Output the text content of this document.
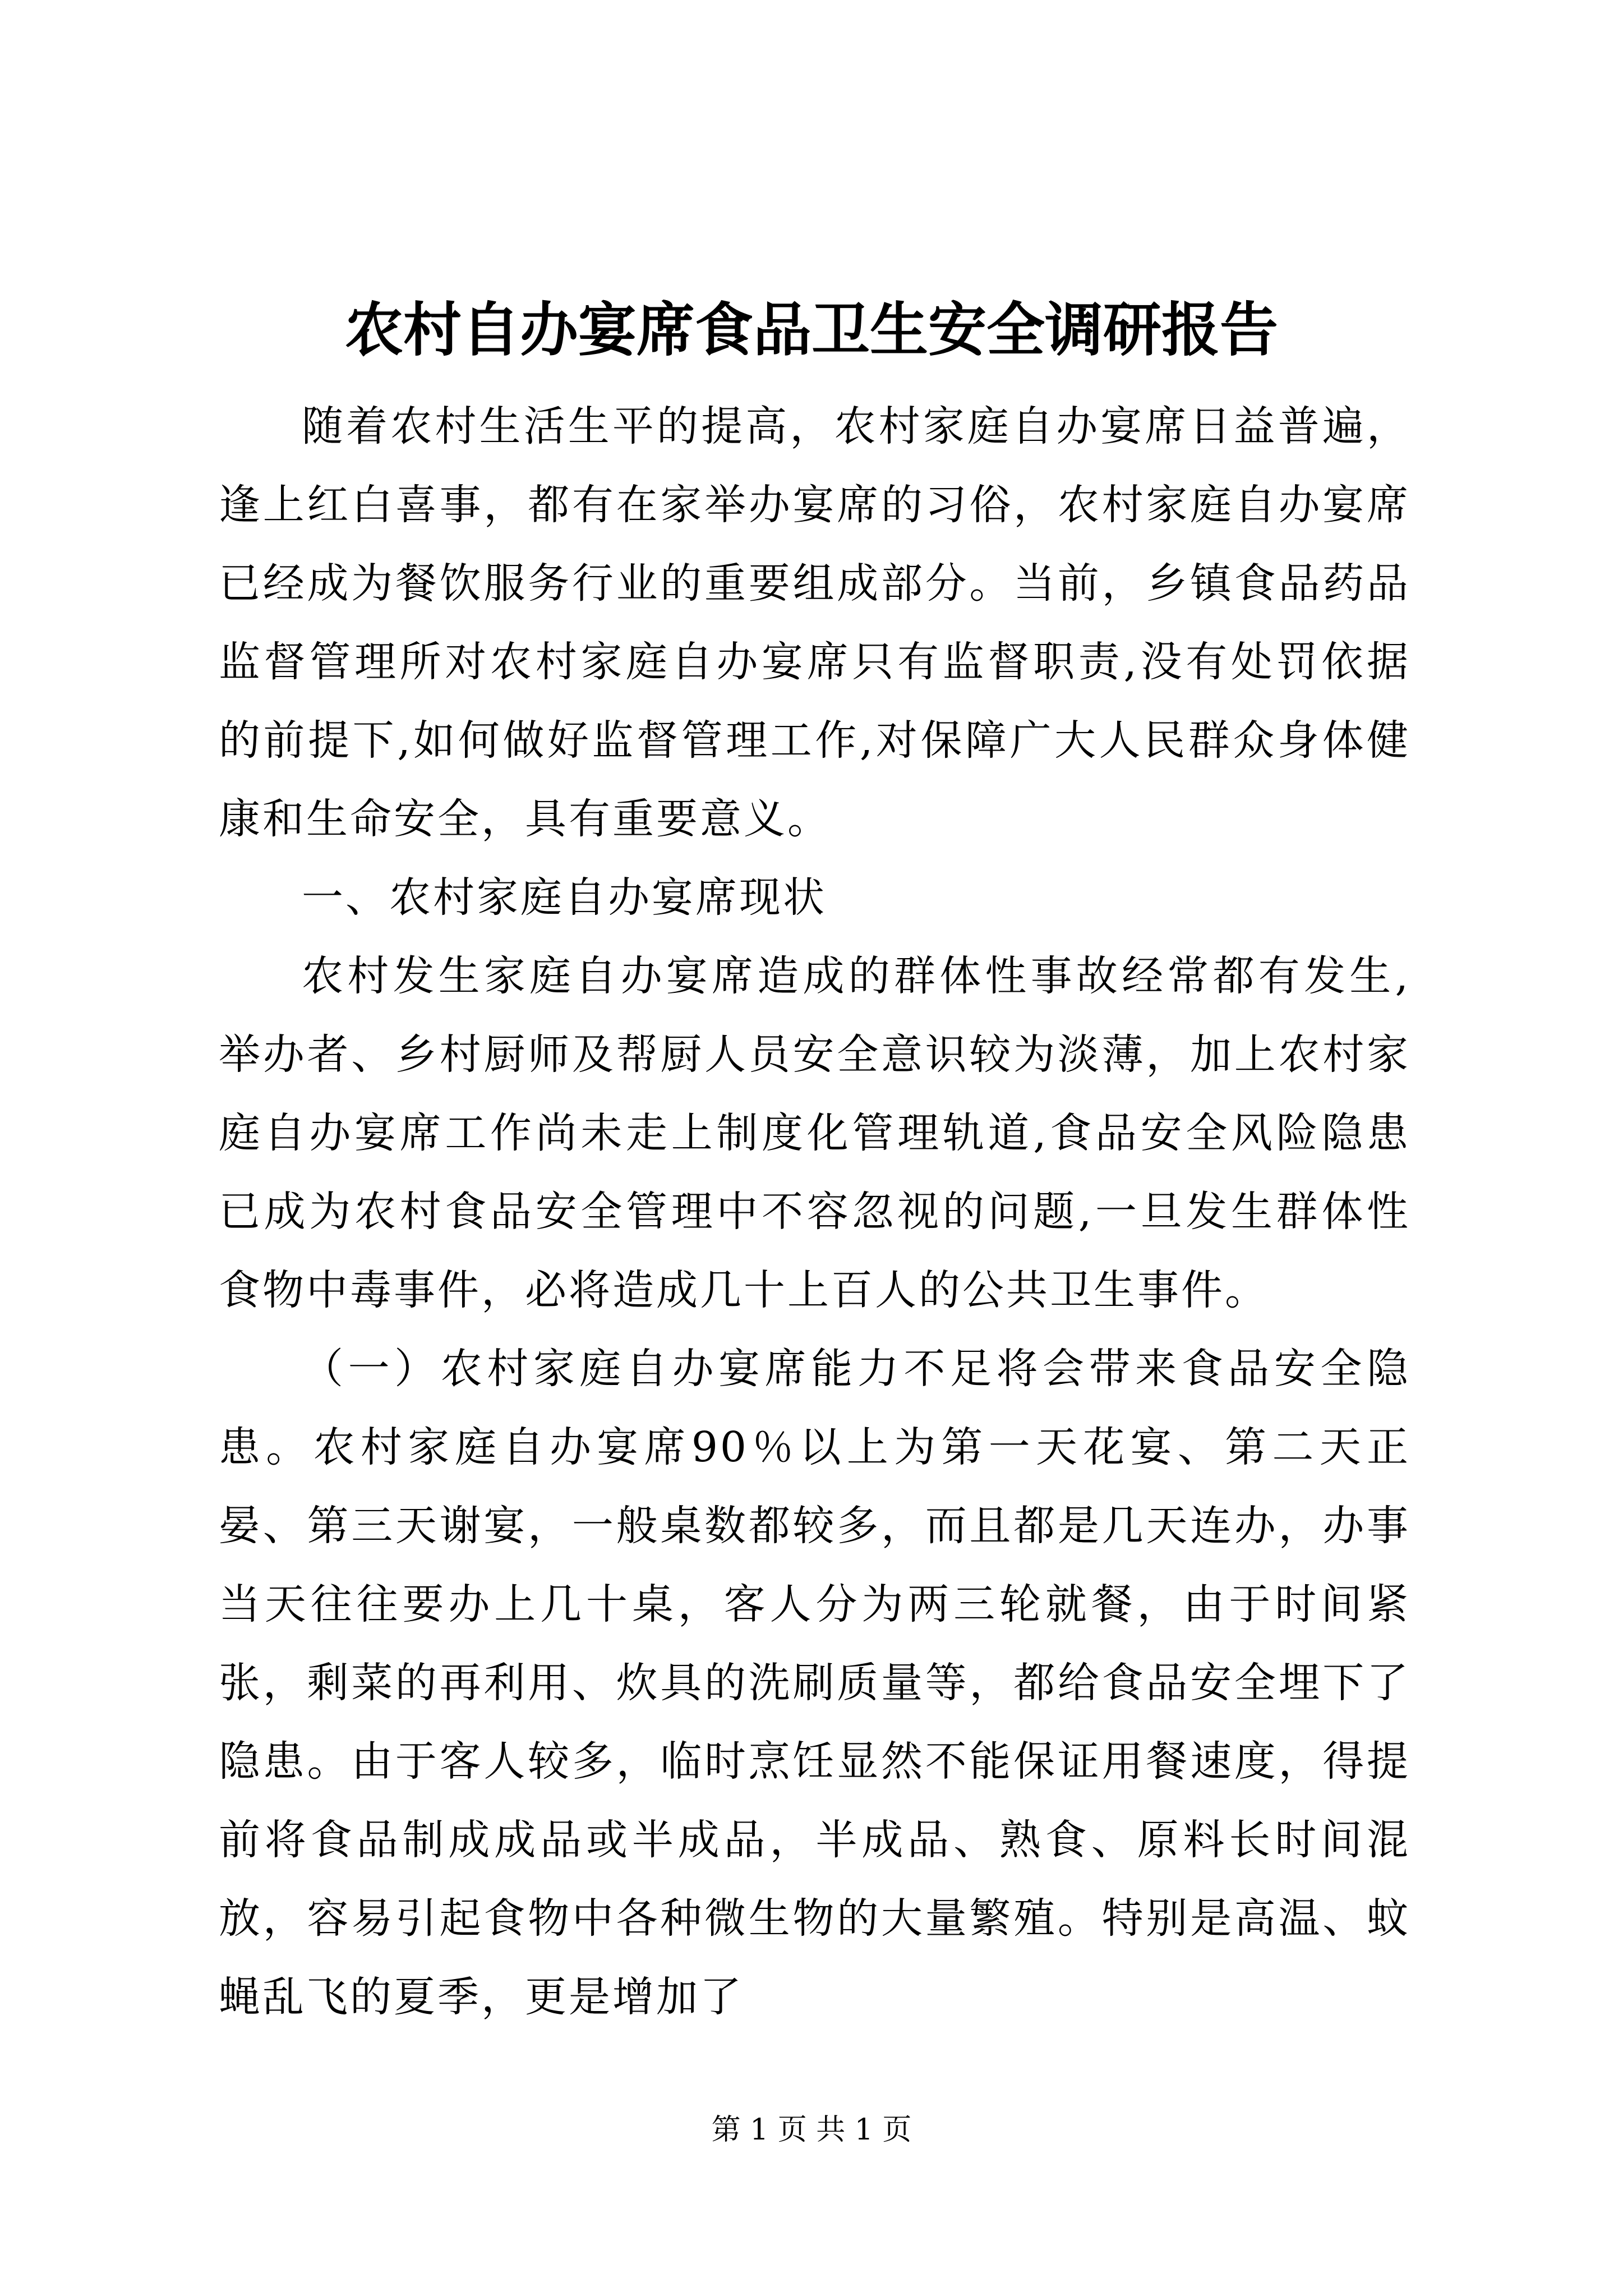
农村自办宴席食品卫生安全调研报告

随着农村生活生平的提高，农村家庭自办宴席日益普遍，逢上红白喜事，都有在家举办宴席的习俗，农村家庭自办宴席已经成为餐饮服务行业的重要组成部分。当前，乡镇食品药品监督管理所对农村家庭自办宴席只有监督职责,没有处罚依据的前提下,如何做好监督管理工作,对保障广大人民群众身体健康和生命安全，具有重要意义。

一、农村家庭自办宴席现状

农村发生家庭自办宴席造成的群体性事故经常都有发生,举办者、乡村厨师及帮厨人员安全意识较为淡薄，加上农村家庭自办宴席工作尚未走上制度化管理轨道,食品安全风险隐患已成为农村食品安全管理中不容忽视的问题,一旦发生群体性食物中毒事件，必将造成几十上百人的公共卫生事件。

（一）农村家庭自办宴席能力不足将会带来食品安全隐患。农村家庭自办宴席90％以上为第一天花宴、第二天正晏、第三天谢宴，一般桌数都较多，而且都是几天连办，办事当天往往要办上几十桌，客人分为两三轮就餐，由于时间紧张，剩菜的再利用、炊具的洗刷质量等，都给食品安全埋下了隐患。由于客人较多，临时烹饪显然不能保证用餐速度，得提前将食品制成成品或半成品，半成品、熟食、原料长时间混放，容易引起食物中各种微生物的大量繁殖。特别是高温、蚊蝇乱飞的夏季，更是增加了

第 1 页 共 1 页
